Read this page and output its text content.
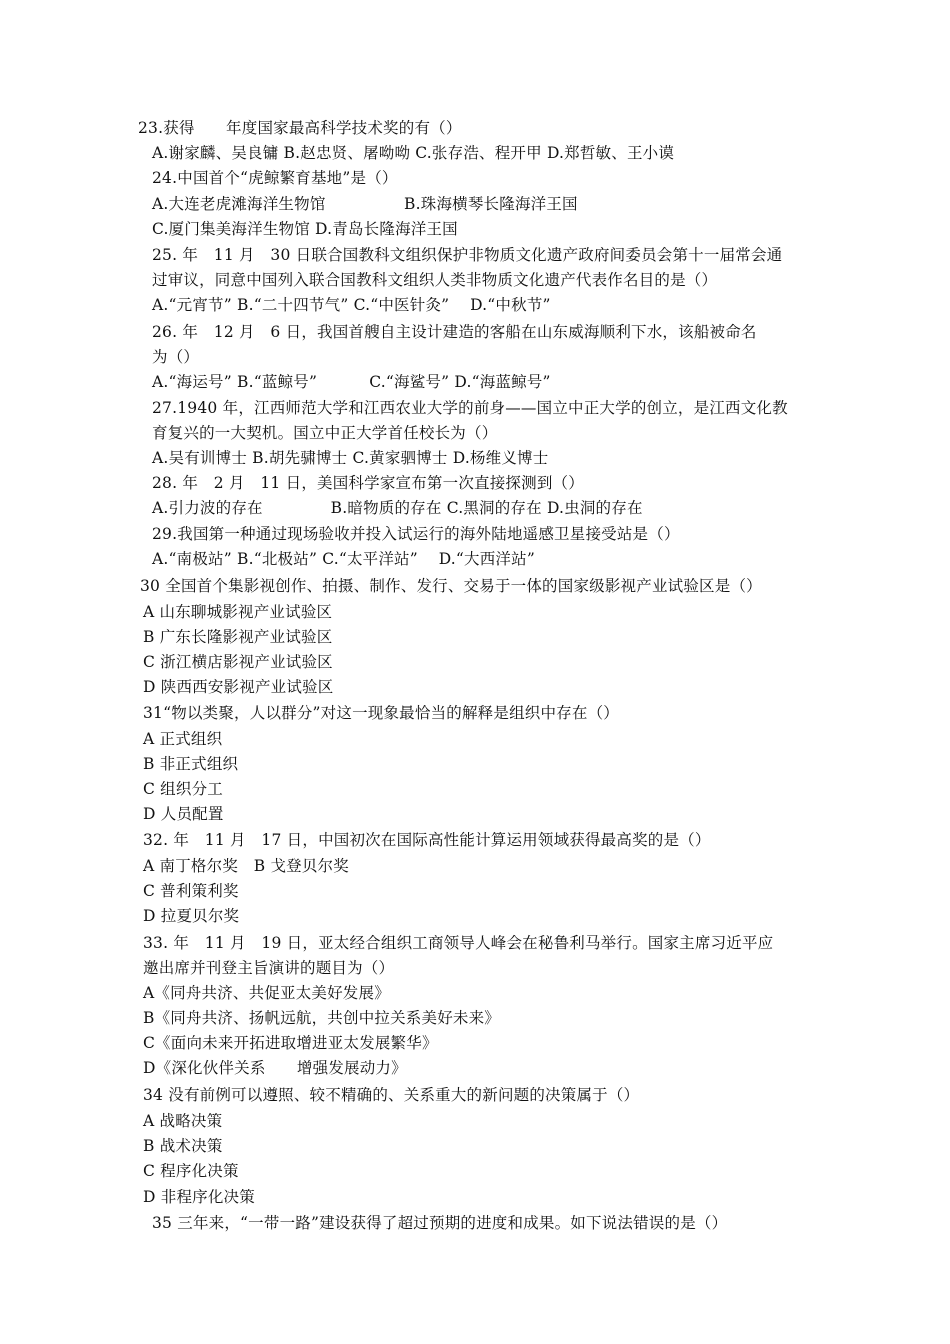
23.获得　　年度国家最高科学技术奖的有（）
A.谢家麟、吴良镛 B.赵忠贤、屠呦呦 C.张存浩、程开甲 D.郑哲敏、王小谟
24.中国首个“虎鲸繁育基地”是（）
A.大连老虎滩海洋生物馆　　　　　B.珠海横琴长隆海洋王国
C.厦门集美海洋生物馆 D.青岛长隆海洋王国
25. 年　11 月　30 日联合国教科文组织保护非物质文化遗产政府间委员会第十一届常会通
过审议，同意中国列入联合国教科文组织人类非物质文化遗产代表作名目的是（）
A.“元宵节” B.“二十四节气” C.“中医针灸”　 D.“中秋节”
26. 年　12 月　6 日，我国首艘自主设计建造的客船在山东威海顺利下水，该船被命名
为（）
A.“海运号” B.“蓝鲸号”　　　 C.“海鲨号” D.“海蓝鲸号”
27.1940 年，江西师范大学和江西农业大学的前身——国立中正大学的创立，是江西文化教
育复兴的一大契机。国立中正大学首任校长为（）
A.吴有训博士 B.胡先骕博士 C.黄家驷博士 D.杨维义博士
28. 年　2 月　11 日，美国科学家宣布第一次直接探测到（）
A.引力波的存在　　　　 B.暗物质的存在 C.黑洞的存在 D.虫洞的存在
29.我国第一种通过现场验收并投入试运行的海外陆地遥感卫星接受站是（）
A.“南极站” B.“北极站” C.“太平洋站”　 D.“大西洋站”
30 全国首个集影视创作、拍摄、制作、发行、交易于一体的国家级影视产业试验区是（）
A 山东聊城影视产业试验区
B 广东长隆影视产业试验区
C 浙江横店影视产业试验区
D 陕西西安影视产业试验区
31“物以类聚，人以群分”对这一现象最恰当的解释是组织中存在（）
A 正式组织
B 非正式组织
C 组织分工
D 人员配置
32. 年　11 月　17 日，中国初次在国际高性能计算运用领域获得最高奖的是（）
A 南丁格尔奖　B 戈登贝尔奖
C 普利策利奖
D 拉夏贝尔奖
33. 年　11 月　19 日，亚太经合组织工商领导人峰会在秘鲁利马举行。国家主席习近平应
邀出席并刊登主旨演讲的题目为（）
A《同舟共济、共促亚太美好发展》
B《同舟共济、扬帆远航，共创中拉关系美好未来》
C《面向未来开拓进取增进亚太发展繁华》
D《深化伙伴关系　　增强发展动力》
34 没有前例可以遵照、较不精确的、关系重大的新问题的决策属于（）
A 战略决策
B 战术决策
C 程序化决策
D 非程序化决策
35 三年来，“一带一路”建设获得了超过预期的进度和成果。如下说法错误的是（）
